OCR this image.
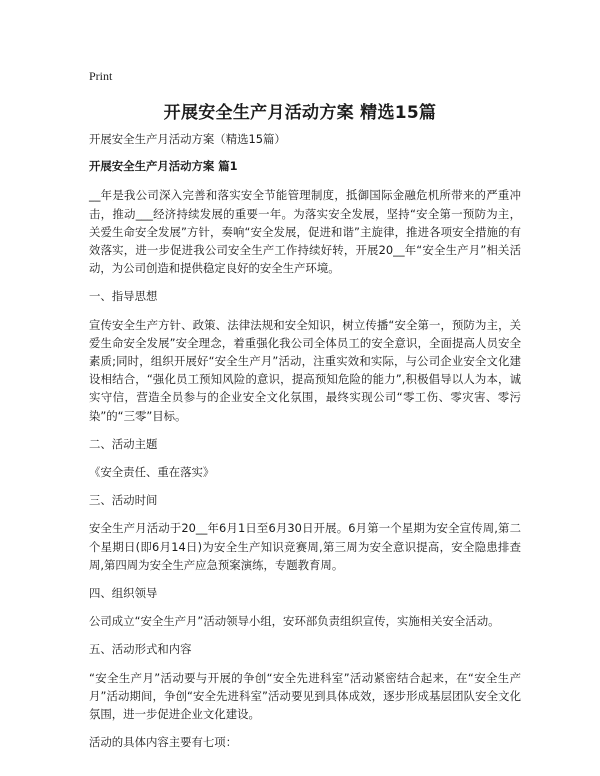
Print
开展安全生产月活动方案 精选15篇

开展安全生产月活动方案（精选15篇）

开展安全生产月活动方案 篇1

__年是我公司深入完善和落实安全节能管理制度，抵御国际金融危机所带来的严重冲击，推动___经济持续发展的重要一年。为落实安全发展，坚持“安全第一预防为主，关爱生命安全发展”方针，奏响“安全发展，促进和谐”主旋律，推进各项安全措施的有效落实，进一步促进我公司安全生产工作持续好转，开展20__年“安全生产月”相关活动，为公司创造和提供稳定良好的安全生产环境。

一、指导思想

宣传安全生产方针、政策、法律法规和安全知识，树立传播“安全第一，预防为主，关爱生命安全发展”安全理念，着重强化我公司全体员工的安全意识，全面提高人员安全素质;同时，组织开展好“安全生产月”活动，注重实效和实际，与公司企业安全文化建设相结合，“强化员工预知风险的意识，提高预知危险的能力”,积极倡导以人为本，诚实守信，营造全员参与的企业安全文化氛围，最终实现公司“零工伤、零灾害、零污染”的“三零”目标。

二、活动主题

《安全责任、重在落实》

三、活动时间

安全生产月活动于20__年6月1日至6月30日开展。6月第一个星期为安全宣传周,第二个星期日(即6月14日)为安全生产知识竞赛周,第三周为安全意识提高，安全隐患排查周,第四周为安全生产应急预案演练，专题教育周。

四、组织领导

公司成立“安全生产月”活动领导小组，安环部负责组织宣传，实施相关安全活动。

五、活动形式和内容

“安全生产月”活动要与开展的争创“安全先进科室”活动紧密结合起来，在“安全生产月”活动期间，争创“安全先进科室”活动要见到具体成效，逐步形成基层团队安全文化氛围，进一步促进企业文化建设。

活动的具体内容主要有七项：
